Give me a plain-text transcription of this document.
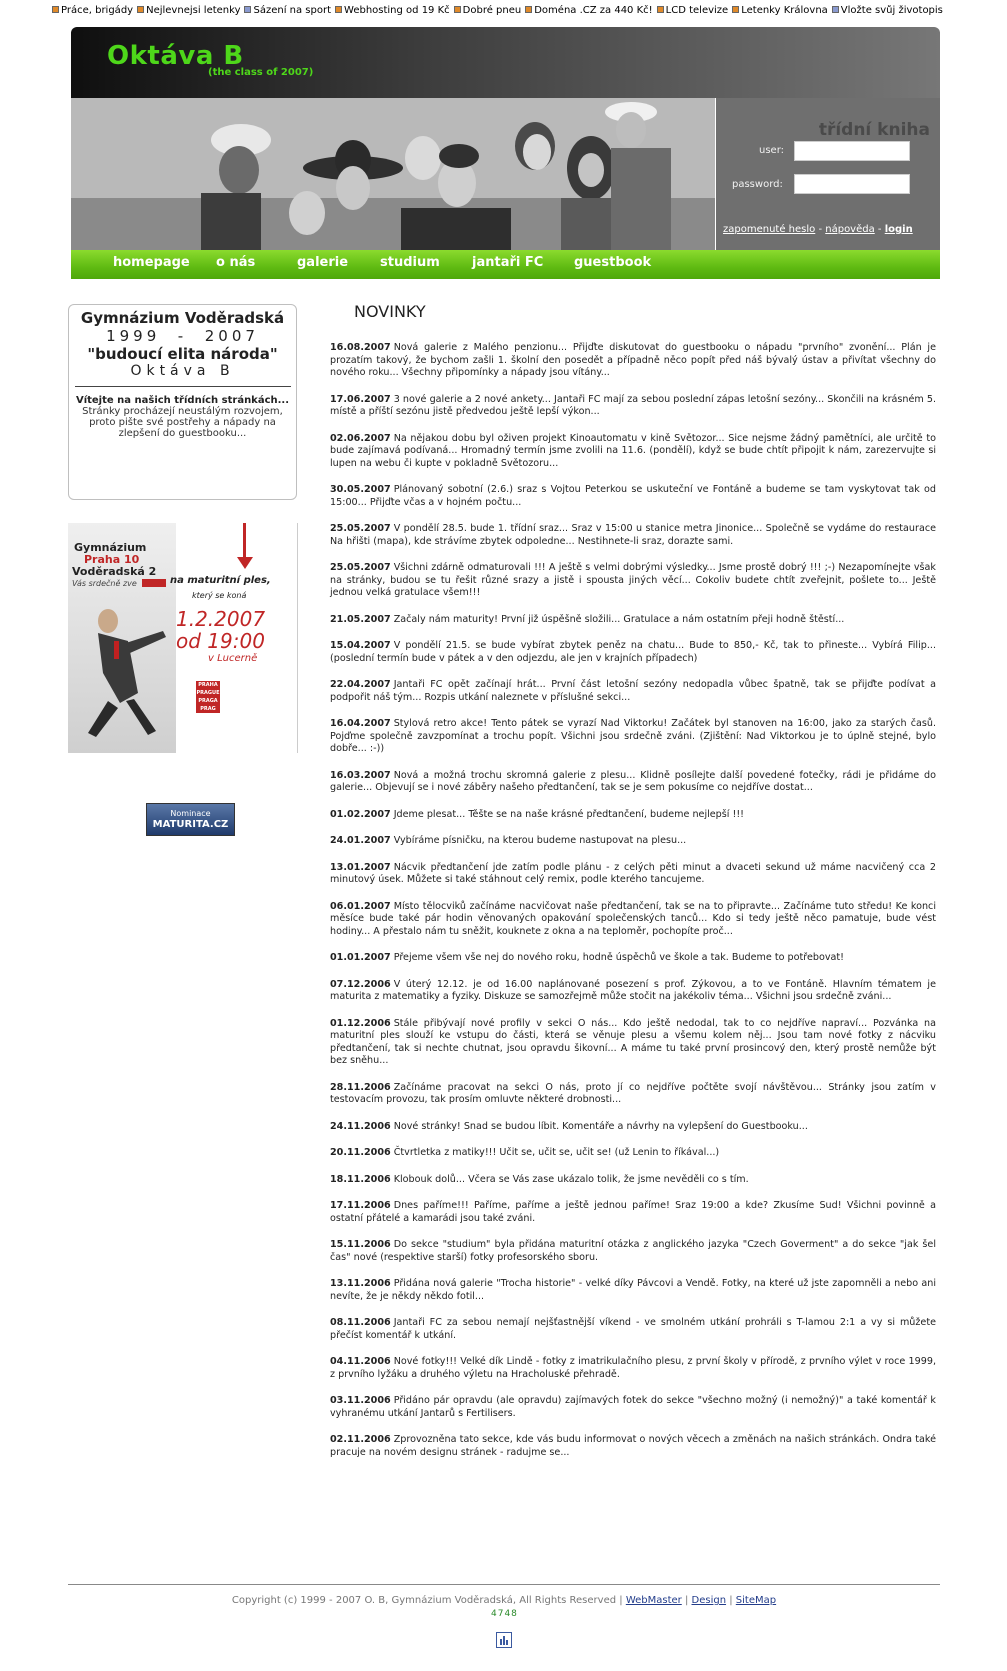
Práce, brigády Nejlevnejsi letenky Sázení na sport Webhosting od 19 Kč Dobré pneu Doména .CZ za 440 Kč! LCD televize Letenky Královna Vložte svůj životopis
Oktáva B
(the class of 2007)
třídní kniha
user:
password:
zapomenuté heslo - nápověda - login
homepage o nás	galerie studium jantaři FC guestbook
Gymnázium Voděradská
1999  -  2007
"budoucí elita národa"
Oktáva B
Vítejte na našich třídních stránkách...
Stránky procházejí neustálým rozvojem, proto pište své postřehy a nápady na zlepšení do guestbooku...
Gymnázium
Praha 10
Voděradská 2
Vás srdečně zve	na maturitní ples,
který se koná
1.2.2007
od 19:00
v Lucerně
PRAHA PRAGUE PRAGA PRAG
Nominace
MATURITA.CZ
NOVINKY
16.08.2007 Nová galerie z Malého penzionu... Přijďte diskutovat do guestbooku o nápadu "prvního" zvonění... Plán je prozatím takový, že bychom zašli 1. školní den posedět a případně něco popít před náš bývalý ústav a přivítat všechny do nového roku... Všechny připomínky a nápady jsou vítány...
17.06.2007 3 nové galerie a 2 nové ankety... Jantaři FC mají za sebou poslední zápas letošní sezóny... Skončili na krásném 5. místě a příští sezónu jistě předvedou ještě lepší výkon...
02.06.2007 Na nějakou dobu byl oživen projekt Kinoautomatu v kině Světozor... Sice nejsme žádný pamětníci, ale určitě to bude zajímavá podívaná... Hromadný termín jsme zvolili na 11.6. (pondělí), když se bude chtít připojit k nám, zarezervujte si lupen na webu či kupte v pokladně Světozoru...
30.05.2007 Plánovaný sobotní (2.6.) sraz s Vojtou Peterkou se uskuteční ve Fontáně a budeme se tam vyskytovat tak od 15:00... Přijďte včas a v hojném počtu...
25.05.2007 V pondělí 28.5. bude 1. třídní sraz... Sraz v 15:00 u stanice metra Jinonice... Společně se vydáme do restaurace Na hřišti (mapa), kde strávíme zbytek odpoledne... Nestihnete-li sraz, dorazte sami.
25.05.2007 Všichni zdárně odmaturovali !!! A ještě s velmi dobrými výsledky... Jsme prostě dobrý !!! ;-) Nezapomínejte však na stránky, budou se tu řešit různé srazy a jistě i spousta jiných věcí... Cokoliv budete chtít zveřejnit, pošlete to... Ještě jednou velká gratulace všem!!!
21.05.2007 Začaly nám maturity! První již úspěšně složili... Gratulace a nám ostatním přeji hodně štěstí...
15.04.2007 V pondělí 21.5. se bude vybírat zbytek peněz na chatu... Bude to 850,- Kč, tak to přineste... Vybírá Filip... (poslední termín bude v pátek a v den odjezdu, ale jen v krajních případech)
22.04.2007 Jantaři FC opět začínají hrát... První část letošní sezóny nedopadla vůbec špatně, tak se přijďte podívat a podpořit náš tým... Rozpis utkání naleznete v příslušné sekci...
16.04.2007 Stylová retro akce! Tento pátek se vyrazí Nad Viktorku! Začátek byl stanoven na 16:00, jako za starých časů. Pojďme společně zavzpomínat a trochu popít. Všichni jsou srdečně zváni. (Zjištění: Nad Viktorkou je to úplně stejné, bylo dobře... :-))
16.03.2007 Nová a možná trochu skromná galerie z plesu... Klidně posílejte další povedené fotečky, rádi je přidáme do galerie... Objevují se i nové záběry našeho předtančení, tak se je sem pokusíme co nejdříve dostat...
01.02.2007 Jdeme plesat... Těšte se na naše krásné předtančení, budeme nejlepší !!!
24.01.2007 Vybíráme písničku, na kterou budeme nastupovat na plesu...
13.01.2007 Nácvik předtančení jde zatím podle plánu - z celých pěti minut a dvaceti sekund už máme nacvičený cca 2 minutový úsek. Můžete si také stáhnout celý remix, podle kterého tancujeme.
06.01.2007 Místo tělocviků začínáme nacvičovat naše předtančení, tak se na to připravte... Začínáme tuto středu! Ke konci měsíce bude také pár hodin věnovaných opakování společenských tanců... Kdo si tedy ještě něco pamatuje, bude vést hodiny... A přestalo nám tu sněžit, kouknete z okna a na teploměr, pochopíte proč...
01.01.2007 Přejeme všem vše nej do nového roku, hodně úspěchů ve škole a tak. Budeme to potřebovat!
07.12.2006 V úterý 12.12. je od 16.00 naplánované posezení s prof. Zýkovou, a to ve Fontáně. Hlavním tématem je maturita z matematiky a fyziky. Diskuze se samozřejmě může stočit na jakékoliv téma... Všichni jsou srdečně zváni...
01.12.2006 Stále přibývají nové profily v sekci O nás... Kdo ještě nedodal, tak to co nejdříve napraví... Pozvánka na maturitní ples slouží ke vstupu do části, která se věnuje plesu a všemu kolem něj... Jsou tam nové fotky z nácviku předtančení, tak si nechte chutnat, jsou opravdu šikovní... A máme tu také první prosincový den, který prostě nemůže být bez sněhu...
28.11.2006 Začínáme pracovat na sekci O nás, proto jí co nejdříve počtěte svojí návštěvou... Stránky jsou zatím v testovacím provozu, tak prosím omluvte některé drobnosti...
24.11.2006 Nové stránky! Snad se budou líbit. Komentáře a návrhy na vylepšení do Guestbooku...
20.11.2006 Čtvrtletka z matiky!!! Učit se, učit se, učit se! (už Lenin to říkával...)
18.11.2006 Klobouk dolů... Včera se Vás zase ukázalo tolik, že jsme nevěděli co s tím.
17.11.2006 Dnes paříme!!! Paříme, paříme a ještě jednou paříme! Sraz 19:00 a kde? Zkusíme Sud! Všichni povinně a ostatní přátelé a kamarádi jsou také zváni.
15.11.2006 Do sekce "studium" byla přidána maturitní otázka z anglického jazyka "Czech Goverment" a do sekce "jak šel čas" nové (respektive starší) fotky profesorského sboru.
13.11.2006 Přidána nová galerie "Trocha historie" - velké díky Pávcovi a Vendě. Fotky, na které už jste zapomněli a nebo ani nevíte, že je někdy někdo fotil...
08.11.2006 Jantaři FC za sebou nemají nejšťastnější víkend - ve smolném utkání prohráli s T-lamou 2:1 a vy si můžete přečíst komentář k utkání.
04.11.2006 Nové fotky!!! Velké dík Lindě - fotky z imatrikulačního plesu, z první školy v přírodě, z prvního výlet v roce 1999, z prvního lyžáku a druhého výletu na Hracholuské přehradě.
03.11.2006 Přidáno pár opravdu (ale opravdu) zajímavých fotek do sekce "všechno možný (i nemožný)" a také komentář k vyhranému utkání Jantarů s Fertilisers.
02.11.2006 Zprovozněna tato sekce, kde vás budu informovat o nových věcech a změnách na našich stránkách. Ondra také pracuje na novém designu stránek - radujme se...
Copyright (c) 1999 - 2007 O. B, Gymnázium Voděradská, All Rights Reserved | WebMaster | Design | SiteMap
4748
